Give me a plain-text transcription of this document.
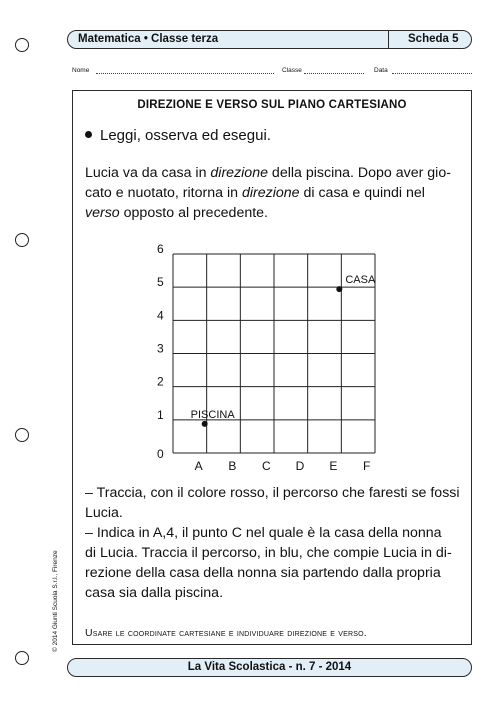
Matematica • Classe terza	Scheda 5
Nome	Classe	Data
DIREZIONE E VERSO SUL PIANO CARTESIANO
Leggi, osserva ed esegui.
Lucia va da casa in direzione della piscina. Dopo aver gio-
cato e nuotato, ritorna in direzione di casa e quindi nel
verso opposto al precedente.
– Traccia, con il colore rosso, il percorso che faresti se fossi
Lucia.
– Indica in A,4, il punto C nel quale è la casa della nonna
di Lucia. Traccia il percorso, in blu, che compie Lucia in di-
rezione della casa della nonna sia partendo dalla propria
casa sia dalla piscina.
Usare le coordinate cartesiane e individuare direzione e verso.
A B C D E F
0
1
2
3
4
5
6
CASA
PISCINA
La Vita Scolastica - n. 7 - 2014
© 2014 Giunti Scuola S.r.l., Firenze
